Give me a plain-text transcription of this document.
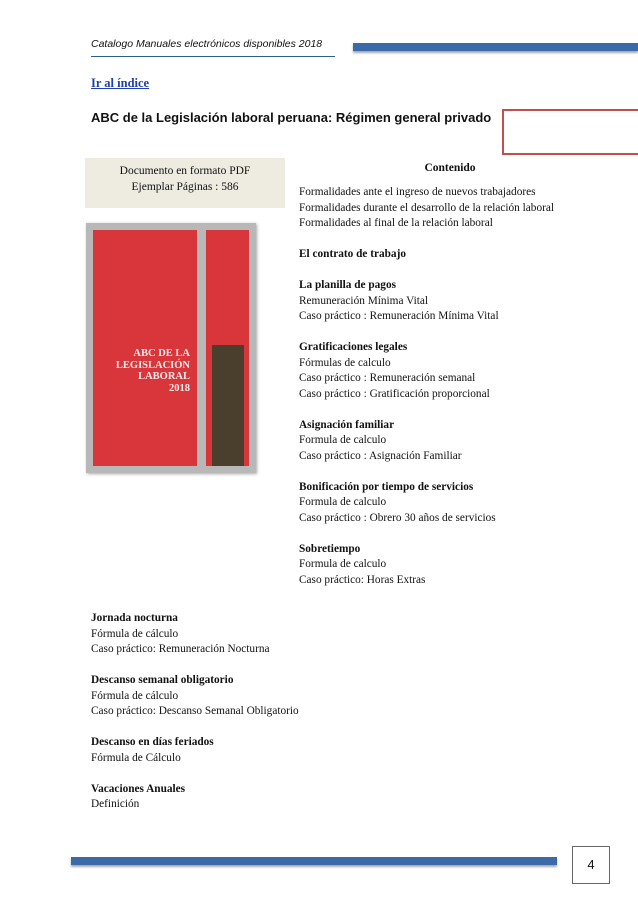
Catalogo Manuales electrónicos disponibles 2018
Ir al índice
ABC de la Legislación laboral peruana: Régimen general privado
Documento en formato PDF
Ejemplar Páginas : 586
ABC DE LA
LEGISLACIÓN
LABORAL
2018
Contenido
Formalidades ante el ingreso de nuevos trabajadores
Formalidades durante el desarrollo de la relación laboral
Formalidades al final de la relación laboral
El contrato de trabajo
La planilla de pagos
Remuneración Mínima Vital
Caso práctico : Remuneración Mínima Vital
Gratificaciones legales
Fórmulas de calculo
Caso práctico : Remuneración semanal
Caso práctico : Gratificación proporcional
Asignación familiar
Formula de calculo
Caso práctico : Asignación Familiar
Bonificación por tiempo de servicios
Formula de calculo
Caso práctico : Obrero 30 años de servicios
Sobretiempo
Formula de calculo
Caso práctico: Horas Extras
Jornada nocturna
Fórmula de cálculo
Caso práctico: Remuneración Nocturna
Descanso semanal obligatorio
Fórmula de cálculo
Caso práctico: Descanso Semanal Obligatorio
Descanso en días feriados
Fórmula de Cálculo
Vacaciones Anuales
Definición
4
